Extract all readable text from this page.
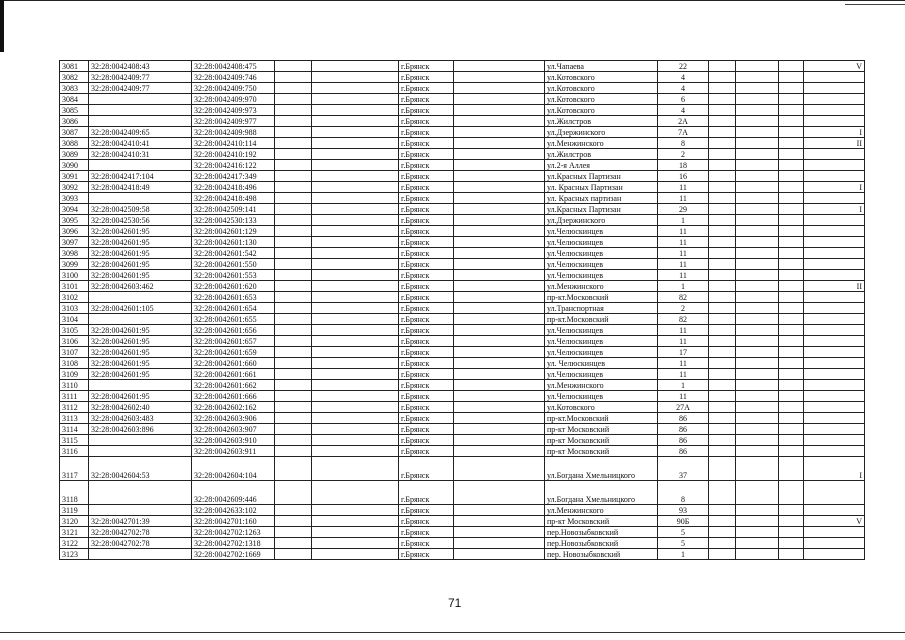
3081	32:28:0042408:43	32:28:0042408:475			г.Брянск		ул.Чапаева	22				V
3082	32:28:0042409:77	32:28:0042409:746			г.Брянск		ул.Котовского	4				
3083	32:28:0042409:77	32:28:0042409:750			г.Брянск		ул.Котовского	4				
3084		32:28:0042409:970			г.Брянск		ул.Котовского	6				
3085		32:28:0042409:973			г.Брянск		ул.Котовского	4				
3086		32:28:0042409:977			г.Брянск		ул.Жилстров	2А				
3087	32:28:0042409:65	32:28:0042409:988			г.Брянск		ул.Дзержинского	7А				I
3088	32:28:0042410:41	32:28:0042410:114			г.Брянск		ул.Менжинского	8				II
3089	32:28:0042410:31	32:28:0042410:192			г.Брянск		ул.Жилстров	2				
3090		32:28:0042416:122			г.Брянск		ул.2-я Аллея	18				
3091	32:28:0042417:104	32:28:0042417:349			г.Брянск		ул.Красных Партизан	16				
3092	32:28:0042418:49	32:28:0042418:496			г.Брянск		ул. Красных Партизан	11				I
3093		32:28:0042418:498			г.Брянск		ул. Красных партизан	11				
3094	32:28:0042509:58	32:28:0042509:141			г.Брянск		ул.Красных Партизан	29				I
3095	32:28:0042530:56	32:28:0042530:133			г.Брянск		ул.Дзержинского	1				
3096	32:28:0042601:95	32:28:0042601:129			г.Брянск		ул.Челюскинцев	11				
3097	32:28:0042601:95	32:28:0042601:130			г.Брянск		ул.Челюскинцев	11				
3098	32:28:0042601:95	32:28:0042601:542			г.Брянск		ул.Челюскинцев	11				
3099	32:28:0042601:95	32:28:0042601:550			г.Брянск		ул.Челюскинцев	11				
3100	32:28:0042601:95	32:28:0042601:553			г.Брянск		ул.Челюскинцев	11				
3101	32:28:0042603:462	32:28:0042601:620			г.Брянск		ул.Менжинского	1				II
3102		32:28:0042601:653			г.Брянск		пр-кт.Московский	82				
3103	32:28:0042601:105	32:28:0042601:654			г.Брянск		ул.Транспортная	2				
3104		32:28:0042601:655			г.Брянск		пр-кт.Московский	82				
3105	32:28:0042601:95	32:28:0042601:656			г.Брянск		ул.Челюскинцев	11				
3106	32:28:0042601:95	32:28:0042601:657			г.Брянск		ул.Челюскинцев	11				
3107	32:28:0042601:95	32:28:0042601:659			г.Брянск		ул.Челюскинцев	17				
3108	32:28:0042601:95	32:28:0042601:660			г.Брянск		ул. Челюскинцев	11				
3109	32:28:0042601:95	32:28:0042601:661			г.Брянск		ул.Челюскинцев	11				
3110		32:28:0042601:662			г.Брянск		ул.Менжинского	1				
3111	32:28:0042601:95	32:28:0042601:666			г.Брянск		ул.Челюскинцев	11				
3112	32:28:0042602:40	32:28:0042602:162			г.Брянск		ул.Котовского	27А				
3113	32:28:0042603:483	32:28:0042603:906			г.Брянск		пр-кт.Московский	86				
3114	32:28:0042603:896	32:28:0042603:907			г.Брянск		пр-кт Московский	86				
3115		32:28:0042603:910			г.Брянск		пр-кт Московский	86				
3116		32:28:0042603:911			г.Брянск		пр-кт Московский	86				
3117	32:28:0042604:53	32:28:0042604:104			г.Брянск		ул.Богдана Хмельницкого	37				I
3118		32:28:0042609:446			г.Брянск		ул.Богдана Хмельницкого	8				
3119		32:28:0042633:102			г.Брянск		ул.Менжинского	93				
3120	32:28:0042701:39	32:28:0042701:160			г.Брянск		пр-кт Московский	90Б				V
3121	32:28:0042702:78	32:28:0042702:1263			г.Брянск		пер.Новозыбковский	5				
3122	32:28:0042702:78	32:28:0042702:1318			г.Брянск		пер.Новозыбковский	5				
3123		32:28:0042702:1669			г.Брянск		пер. Новозыбковский	1				
71
